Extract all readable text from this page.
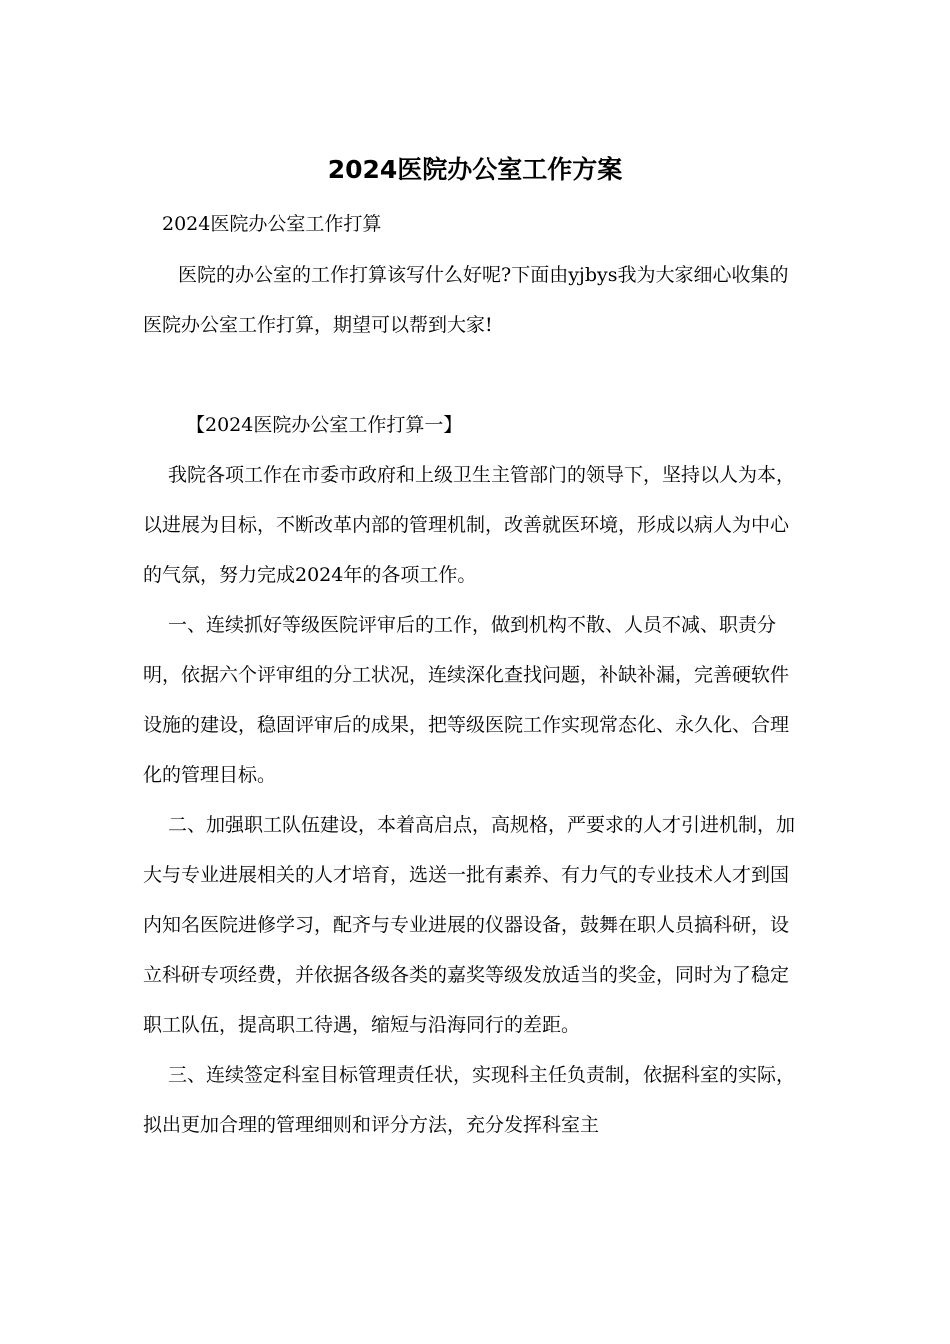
2024医院办公室工作方案

2024医院办公室工作打算

医院的办公室的工作打算该写什么好呢?下面由yjbys我为大家细心收集的医院办公室工作打算，期望可以帮到大家!

【2024医院办公室工作打算一】

我院各项工作在市委市政府和上级卫生主管部门的领导下，坚持以人为本，以进展为目标，不断改革内部的管理机制，改善就医环境，形成以病人为中心的气氛，努力完成2024年的各项工作。

一、连续抓好等级医院评审后的工作，做到机构不散、人员不减、职责分明，依据六个评审组的分工状况，连续深化查找问题，补缺补漏，完善硬软件设施的建设，稳固评审后的成果，把等级医院工作实现常态化、永久化、合理化的管理目标。

二、加强职工队伍建设，本着高启点，高规格，严要求的人才引进机制，加大与专业进展相关的人才培育，选送一批有素养、有力气的专业技术人才到国内知名医院进修学习，配齐与专业进展的仪器设备，鼓舞在职人员搞科研，设立科研专项经费，并依据各级各类的嘉奖等级发放适当的奖金，同时为了稳定职工队伍，提高职工待遇，缩短与沿海同行的差距。

三、连续签定科室目标管理责任状，实现科主任负责制，依据科室的实际，拟出更加合理的管理细则和评分方法，充分发挥科室主
